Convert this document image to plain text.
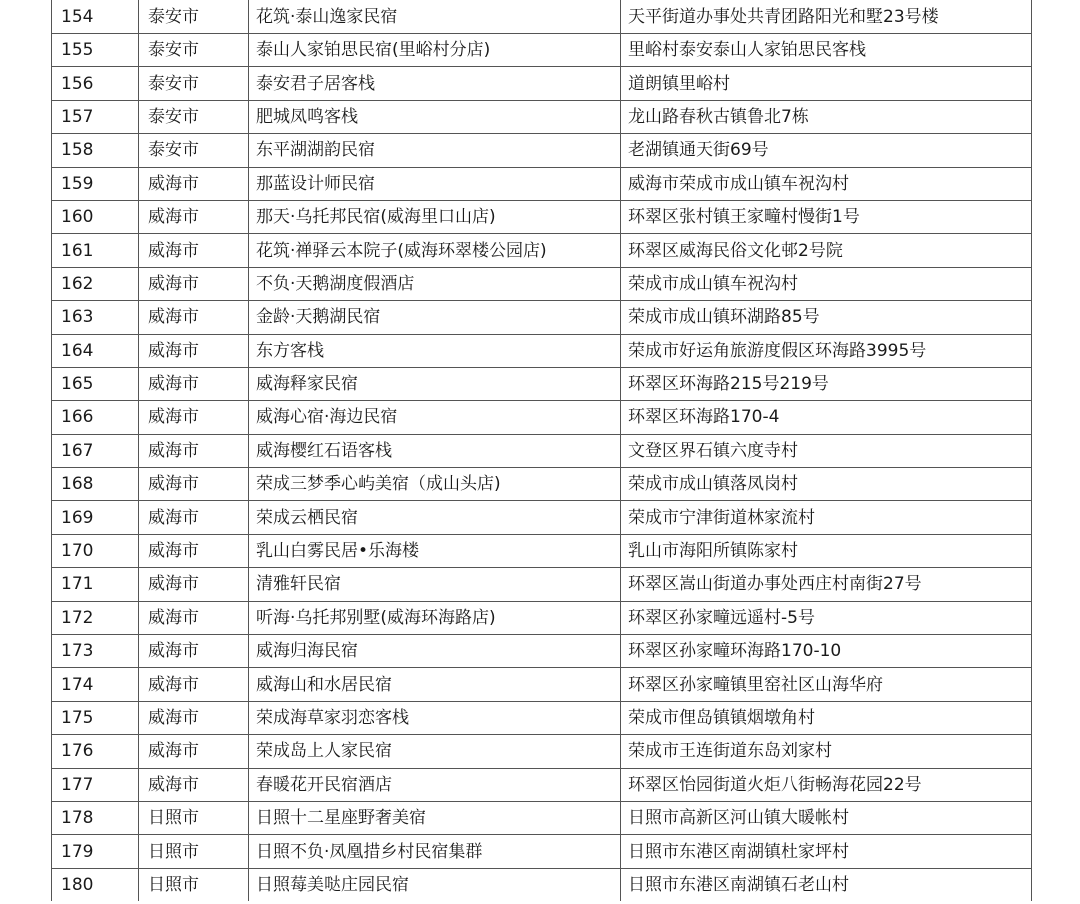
154	泰安市	花筑·泰山逸家民宿	天平街道办事处共青团路阳光和墅23号楼
155	泰安市	泰山人家铂思民宿(里峪村分店)	里峪村泰安泰山人家铂思民客栈
156	泰安市	泰安君子居客栈	道朗镇里峪村
157	泰安市	肥城凤鸣客栈	龙山路春秋古镇鲁北7栋
158	泰安市	东平湖湖韵民宿	老湖镇通天街69号
159	威海市	那蓝设计师民宿	威海市荣成市成山镇车祝沟村
160	威海市	那天·乌托邦民宿(威海里口山店)	环翠区张村镇王家疃村慢街1号
161	威海市	花筑·禅驿云本院子(威海环翠楼公园店)	环翠区威海民俗文化邨2号院
162	威海市	不负·天鹅湖度假酒店	荣成市成山镇车祝沟村
163	威海市	金龄·天鹅湖民宿	荣成市成山镇环湖路85号
164	威海市	东方客栈	荣成市好运角旅游度假区环海路3995号
165	威海市	威海释家民宿	环翠区环海路215号219号
166	威海市	威海心宿·海边民宿	环翠区环海路170-4
167	威海市	威海樱红石语客栈	文登区界石镇六度寺村
168	威海市	荣成三梦季心屿美宿（成山头店)	荣成市成山镇落凤岗村
169	威海市	荣成云栖民宿	荣成市宁津街道林家流村
170	威海市	乳山白雾民居•乐海楼	乳山市海阳所镇陈家村
171	威海市	清雅轩民宿	环翠区嵩山街道办事处西庄村南街27号
172	威海市	听海·乌托邦别墅(威海环海路店)	环翠区孙家疃远遥村-5号
173	威海市	威海归海民宿	环翠区孙家疃环海路170-10
174	威海市	威海山和水居民宿	环翠区孙家疃镇里窑社区山海华府
175	威海市	荣成海草家羽恋客栈	荣成市俚岛镇镇烟墩角村
176	威海市	荣成岛上人家民宿	荣成市王连街道东岛刘家村
177	威海市	春暖花开民宿酒店	环翠区怡园街道火炬八街畅海花园22号
178	日照市	日照十二星座野奢美宿	日照市高新区河山镇大暖帐村
179	日照市	日照不负·凤凰措乡村民宿集群	日照市东港区南湖镇杜家坪村
180	日照市	日照莓美哒庄园民宿	日照市东港区南湖镇石老山村
